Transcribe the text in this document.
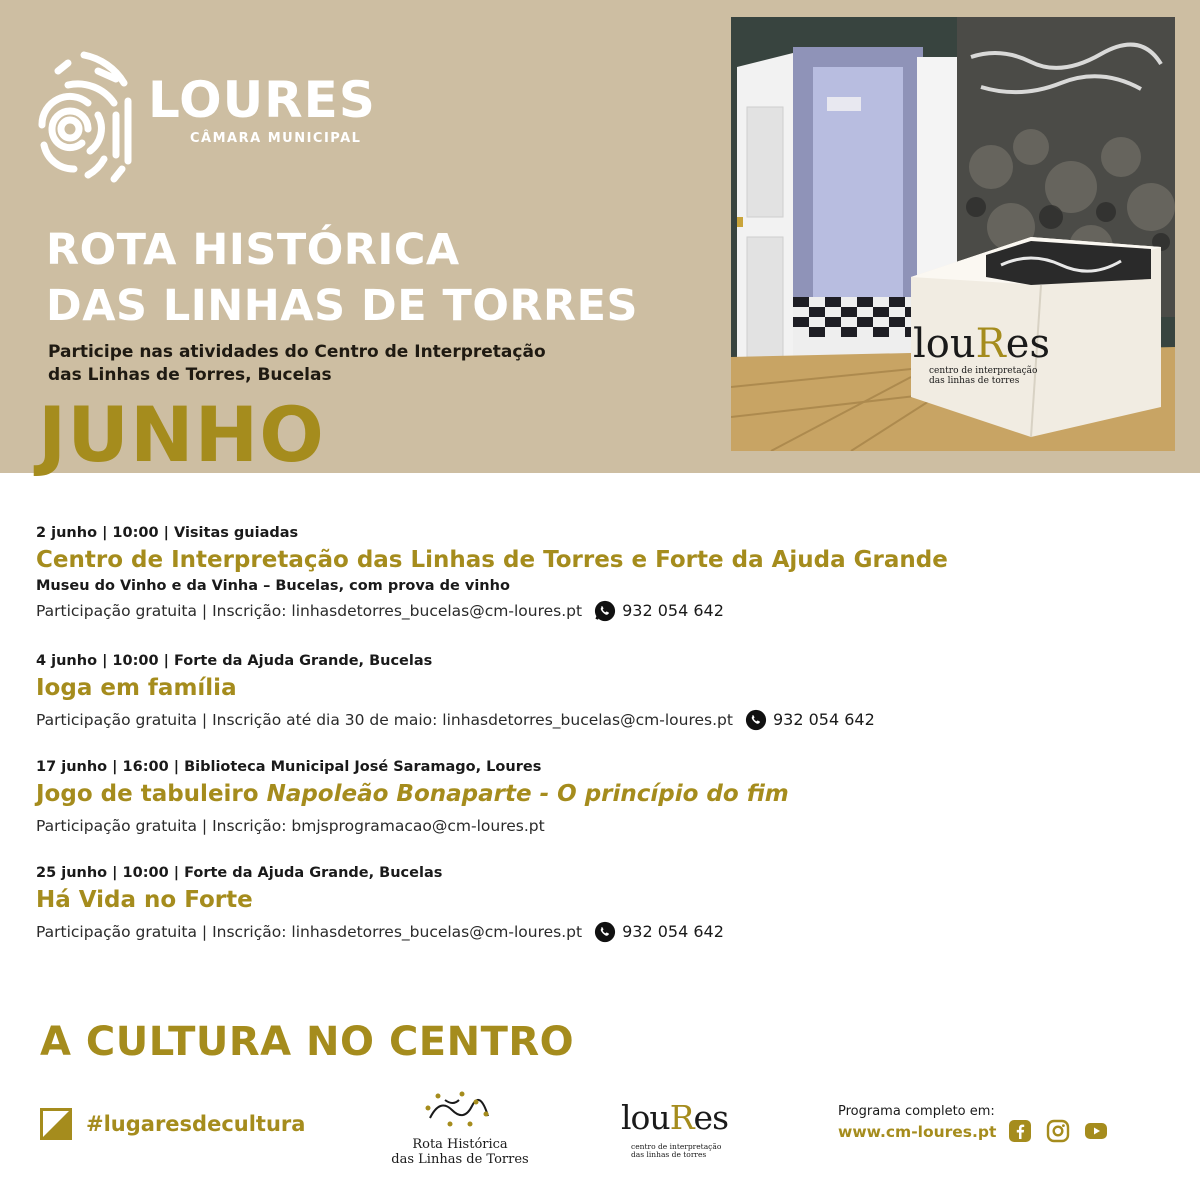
LOURES
CÂMARA MUNICIPAL
ROTA HISTÓRICA
DAS LINHAS DE TORRES
Participe nas atividades do Centro de Interpretação
das Linhas de Torres, Bucelas
JUNHO
louRes
centro de interpretação
das linhas de torres
2 junho | 10:00 | Visitas guiadas
Centro de Interpretação das Linhas de Torres e Forte da Ajuda Grande
Museu do Vinho e da Vinha – Bucelas, com prova de vinho
Participação gratuita | Inscrição: linhasdetorres_bucelas@cm-loures.pt	932 054 642
4 junho | 10:00 | Forte da Ajuda Grande, Bucelas
Ioga em família
Participação gratuita | Inscrição até dia 30 de maio: linhasdetorres_bucelas@cm-loures.pt	932 054 642
17 junho | 16:00 | Biblioteca Municipal José Saramago, Loures
Jogo de tabuleiro Napoleão Bonaparte - O princípio do fim
Participação gratuita | Inscrição: bmjsprogramacao@cm-loures.pt
25 junho | 10:00 | Forte da Ajuda Grande, Bucelas
Há Vida no Forte
Participação gratuita | Inscrição: linhasdetorres_bucelas@cm-loures.pt	932 054 642
A CULTURA NO CENTRO
#lugaresdecultura
Rota Histórica
das Linhas de Torres
louRes
centro de interpretação
das linhas de torres
Programa completo em:
www.cm-loures.pt
